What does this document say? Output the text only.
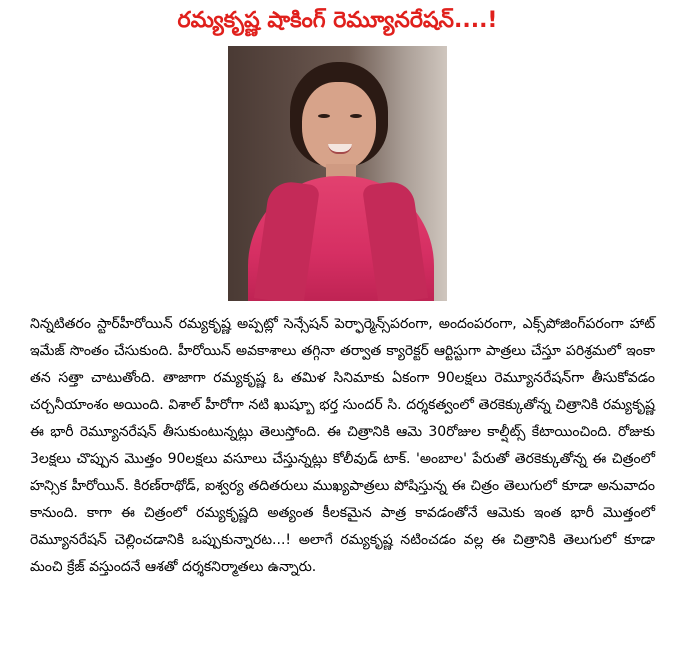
రమ్యకృష్ణ షాకింగ్ రెమ్యూనరేషన్....!

నిన్నటితరం స్టార్‌హీరోయిన్ రమ్యకృష్ణ అప్పట్లో సెన్సేషన్ పెర్ఫార్మెన్స్‌పరంగా, అందంపరంగా, ఎక్స్‌పోజింగ్‌పరంగా హాట్ ఇమేజ్ సొంతం చేసుకుంది. హీరోయిన్ అవకాశాలు తగ్గినా తర్వాత క్యారెక్టర్ ఆర్టిస్టుగా పాత్రలు చేస్తూ పరిశ్రమలో ఇంకా తన సత్తా చాటుతోంది. తాజాగా రమ్యకృష్ణ ఓ తమిళ సినిమాకు ఏకంగా 90లక్షలు రెమ్యూనరేషన్‌గా తీసుకోవడం చర్చనీయాంశం అయింది. విశాల్ హీరోగా నటి ఖుష్బూ భర్త సుందర్ సి. దర్శకత్వంలో తెరకెక్కుతోన్న చిత్రానికి రమ్యకృష్ణ ఈ భారీ రెమ్యూనరేషన్ తీసుకుంటున్నట్లు తెలుస్తోంది. ఈ చిత్రానికి ఆమె 30రోజుల కాల్షీట్స్ కేటాయించింది. రోజుకు 3లక్షలు చొప్పున మొత్తం 90లక్షలు వసూలు చేస్తున్నట్లు కోలీవుడ్ టాక్. 'అంబాల' పేరుతో తెరకెక్కుతోన్న ఈ చిత్రంలో హన్సిక హీరోయిన్. కిరణ్‌రాథోడ్, ఐశ్వర్య తదితరులు ముఖ్యపాత్రలు పోషిస్తున్న ఈ చిత్రం తెలుగులో కూడా అనువాదం కానుంది. కాగా ఈ చిత్రంలో రమ్యకృష్ణది అత్యంత కీలకమైన పాత్ర కావడంతోనే ఆమెకు ఇంత భారీ మొత్తంలో రెమ్యూనరేషన్ చెల్లించడానికి ఒప్పుకున్నారట...! అలాగే రమ్యకృష్ణ నటించడం వల్ల ఈ చిత్రానికి తెలుగులో కూడా మంచి క్రేజ్ వస్తుందనే ఆశతో దర్శకనిర్మాతలు ఉన్నారు.
